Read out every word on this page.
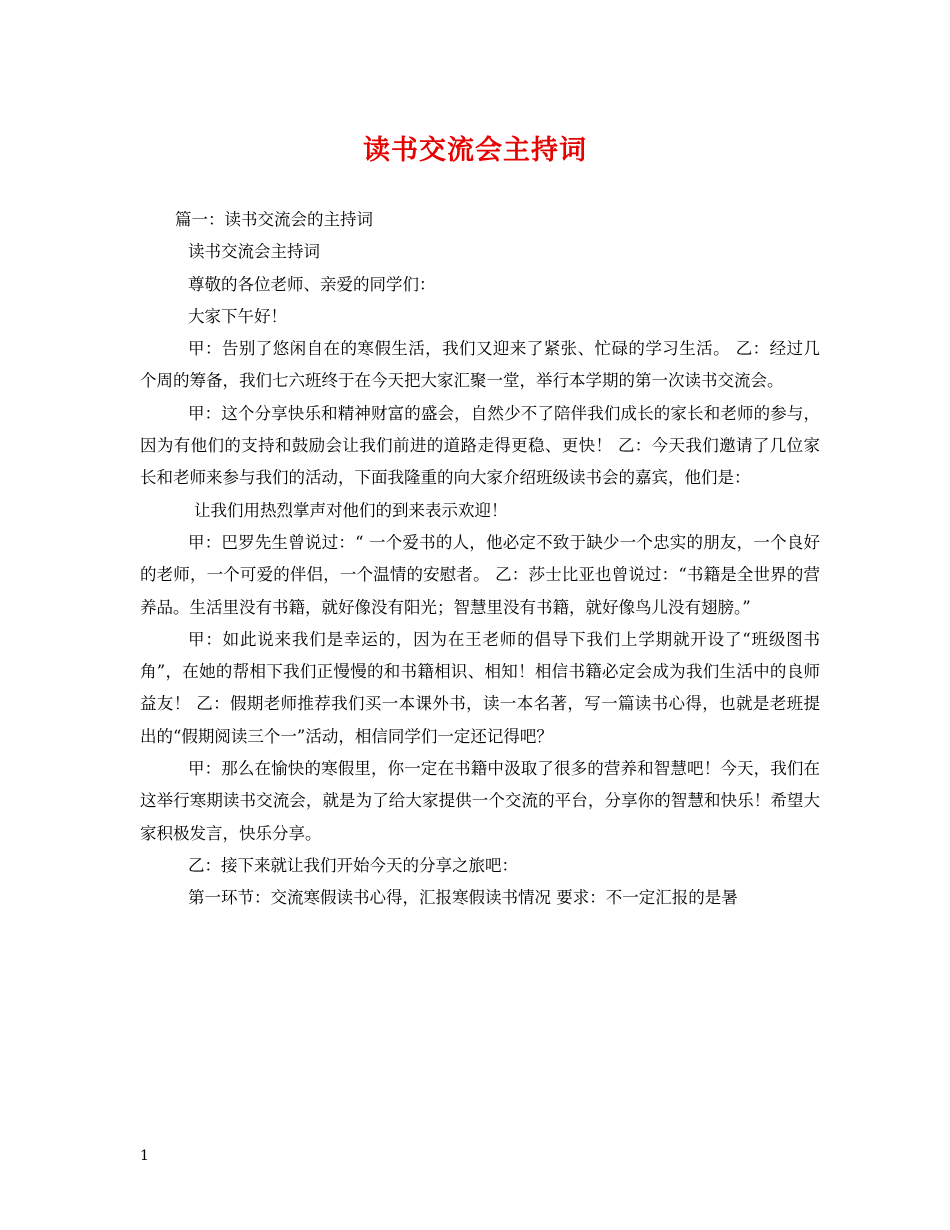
读书交流会主持词

篇一：读书交流会的主持词

读书交流会主持词

尊敬的各位老师、亲爱的同学们：

大家下午好！

甲：告别了悠闲自在的寒假生活，我们又迎来了紧张、忙碌的学习生活。 乙：经过几个周的筹备，我们七六班终于在今天把大家汇聚一堂，举行本学期的第一次读书交流会。

甲：这个分享快乐和精神财富的盛会，自然少不了陪伴我们成长的家长和老师的参与，因为有他们的支持和鼓励会让我们前进的道路走得更稳、更快！ 乙：今天我们邀请了几位家长和老师来参与我们的活动，下面我隆重的向大家介绍班级读书会的嘉宾，他们是：

让我们用热烈掌声对他们的到来表示欢迎！

甲：巴罗先生曾说过：“ 一个爱书的人，他必定不致于缺少一个忠实的朋友，一个良好的老师，一个可爱的伴侣，一个温情的安慰者。 乙：莎士比亚也曾说过：“书籍是全世界的营养品。生活里没有书籍，就好像没有阳光；智慧里没有书籍，就好像鸟儿没有翅膀。”

甲：如此说来我们是幸运的，因为在王老师的倡导下我们上学期就开设了“班级图书角”，在她的帮相下我们正慢慢的和书籍相识、相知！相信书籍必定会成为我们生活中的良师益友！ 乙：假期老师推荐我们买一本课外书，读一本名著，写一篇读书心得，也就是老班提出的“假期阅读三个一”活动，相信同学们一定还记得吧？

甲：那么在愉快的寒假里，你一定在书籍中汲取了很多的营养和智慧吧！今天，我们在这举行寒期读书交流会，就是为了给大家提供一个交流的平台，分享你的智慧和快乐！希望大家积极发言，快乐分享。

乙：接下来就让我们开始今天的分享之旅吧：

第一环节：交流寒假读书心得，汇报寒假读书情况 要求：不一定汇报的是暑

1
